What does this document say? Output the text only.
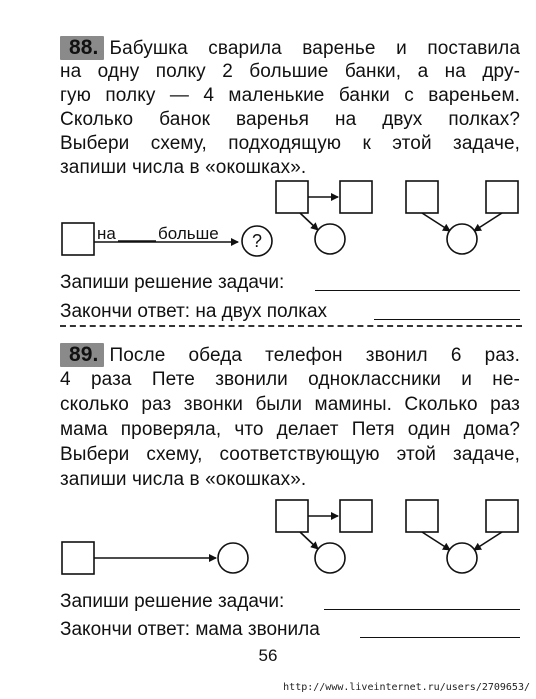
88. Бабушка сварила варенье и поставила
на одну полку 2 большие банки, а на дру-
гую полку — 4 маленькие банки с вареньем.
Сколько банок варенья на двух полках?
Выбери схему, подходящую к этой задаче,
запиши числа в «окошках».
на больше ?
Запиши решение задачи:
Закончи ответ: на двух полках
89. После обеда телефон звонил 6 раз.
4 раза Пете звонили одноклассники и не-
сколько раз звонки были мамины. Сколько раз
мама проверяла, что делает Петя один дома?
Выбери схему, соответствующую этой задаче,
запиши числа в «окошках».
Запиши решение задачи:
Закончи ответ: мама звонила
56
http://www.liveinternet.ru/users/2709653/
